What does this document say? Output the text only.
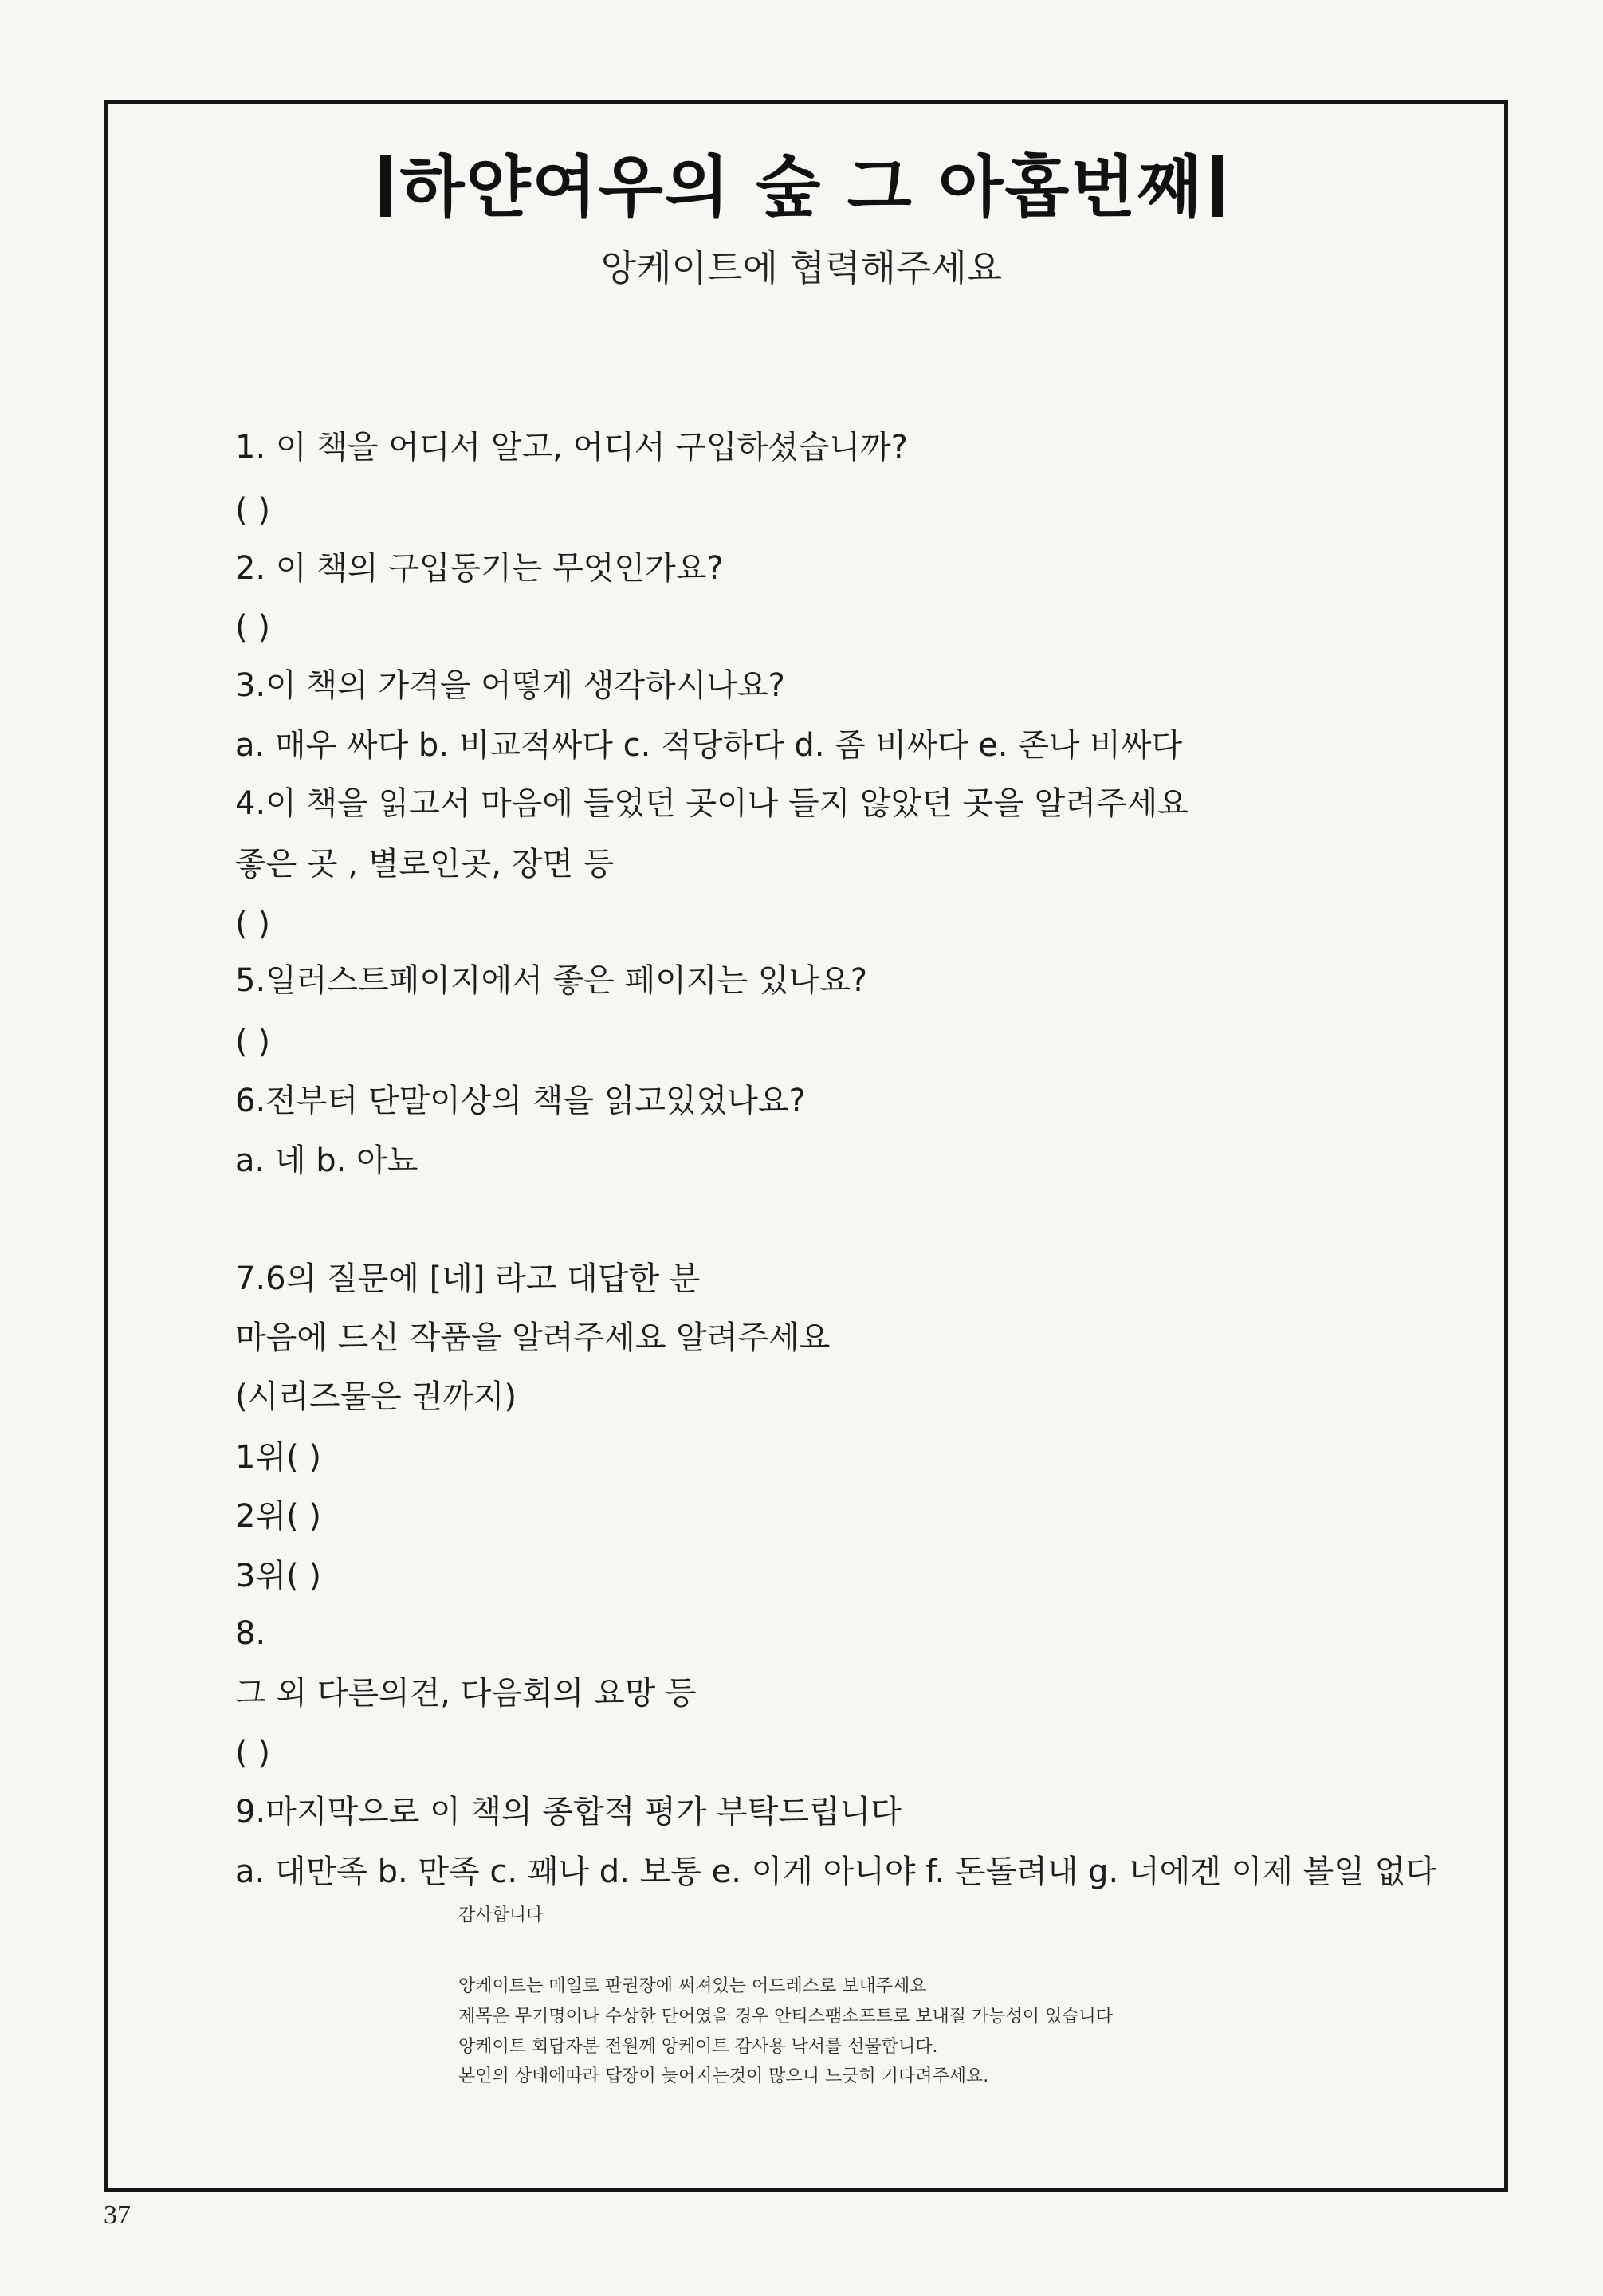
하얀여우의 숲 그 아홉번째
앙케이트에 협력해주세요
1. 이 책을 어디서 알고, 어디서 구입하셨습니까?
( )
2. 이 책의 구입동기는 무엇인가요?
( )
3.이 책의 가격을 어떻게 생각하시나요?
a. 매우 싸다 b. 비교적싸다 c. 적당하다 d. 좀 비싸다 e. 존나 비싸다
4.이 책을 읽고서 마음에 들었던 곳이나 들지 않았던 곳을 알려주세요
좋은 곳 , 별로인곳, 장면 등
( )
5.일러스트페이지에서 좋은 페이지는 있나요?
( )
6.전부터 단말이상의 책을 읽고있었나요?
a. 네 b. 아뇨
7.6의 질문에 [네] 라고 대답한 분
마음에 드신 작품을 알려주세요 알려주세요
(시리즈물은 권까지)
1위( )
2위( )
3위( )
8.
그 외 다른의견, 다음회의 요망 등
( )
9.마지막으로 이 책의 종합적 평가 부탁드립니다
a. 대만족 b. 만족 c. 꽤나 d. 보통 e. 이게 아니야 f. 돈돌려내 g. 너에겐 이제 볼일 없다
감사합니다
앙케이트는 메일로 판권장에 써져있는 어드레스로 보내주세요
제목은 무기명이나 수상한 단어였을 경우 안티스팸소프트로 보내질 가능성이 있습니다
앙케이트 회답자분 전원께 앙케이트 감사용 낙서를 선물합니다.
본인의 상태에따라 답장이 늦어지는것이 많으니 느긋히 기다려주세요.
37
